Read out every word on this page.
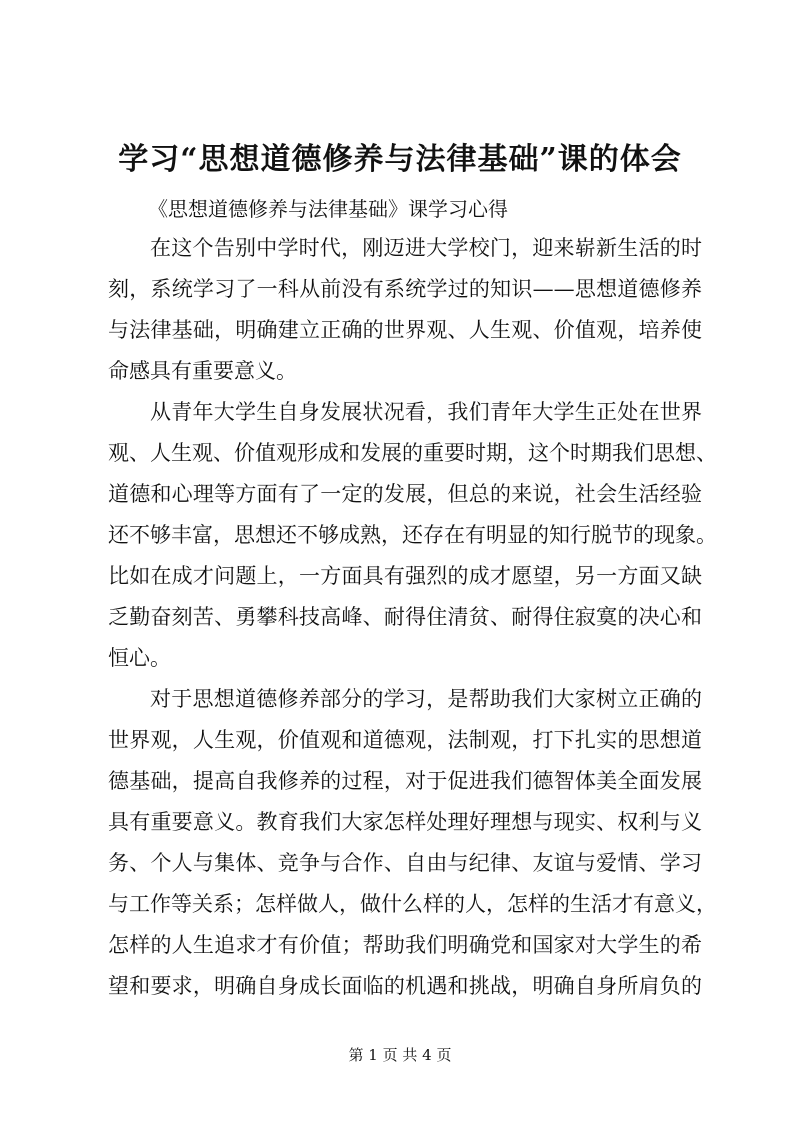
学习“思想道德修养与法律基础”课的体会
《思想道德修养与法律基础》课学习心得
在这个告别中学时代，刚迈进大学校门，迎来崭新生活的时
刻，系统学习了一科从前没有系统学过的知识——思想道德修养
与法律基础，明确建立正确的世界观、人生观、价值观，培养使
命感具有重要意义。
从青年大学生自身发展状况看，我们青年大学生正处在世界
观、人生观、价值观形成和发展的重要时期，这个时期我们思想、
道德和心理等方面有了一定的发展，但总的来说，社会生活经验
还不够丰富，思想还不够成熟，还存在有明显的知行脱节的现象。
比如在成才问题上，一方面具有强烈的成才愿望，另一方面又缺
乏勤奋刻苦、勇攀科技高峰、耐得住清贫、耐得住寂寞的决心和
恒心。
对于思想道德修养部分的学习，是帮助我们大家树立正确的
世界观，人生观，价值观和道德观，法制观，打下扎实的思想道
德基础，提高自我修养的过程，对于促进我们德智体美全面发展
具有重要意义。教育我们大家怎样处理好理想与现实、权利与义
务、个人与集体、竞争与合作、自由与纪律、友谊与爱情、学习
与工作等关系；怎样做人，做什么样的人，怎样的生活才有意义，
怎样的人生追求才有价值；帮助我们明确党和国家对大学生的希
望和要求，明确自身成长面临的机遇和挑战，明确自身所肩负的
第 1 页 共 4 页
